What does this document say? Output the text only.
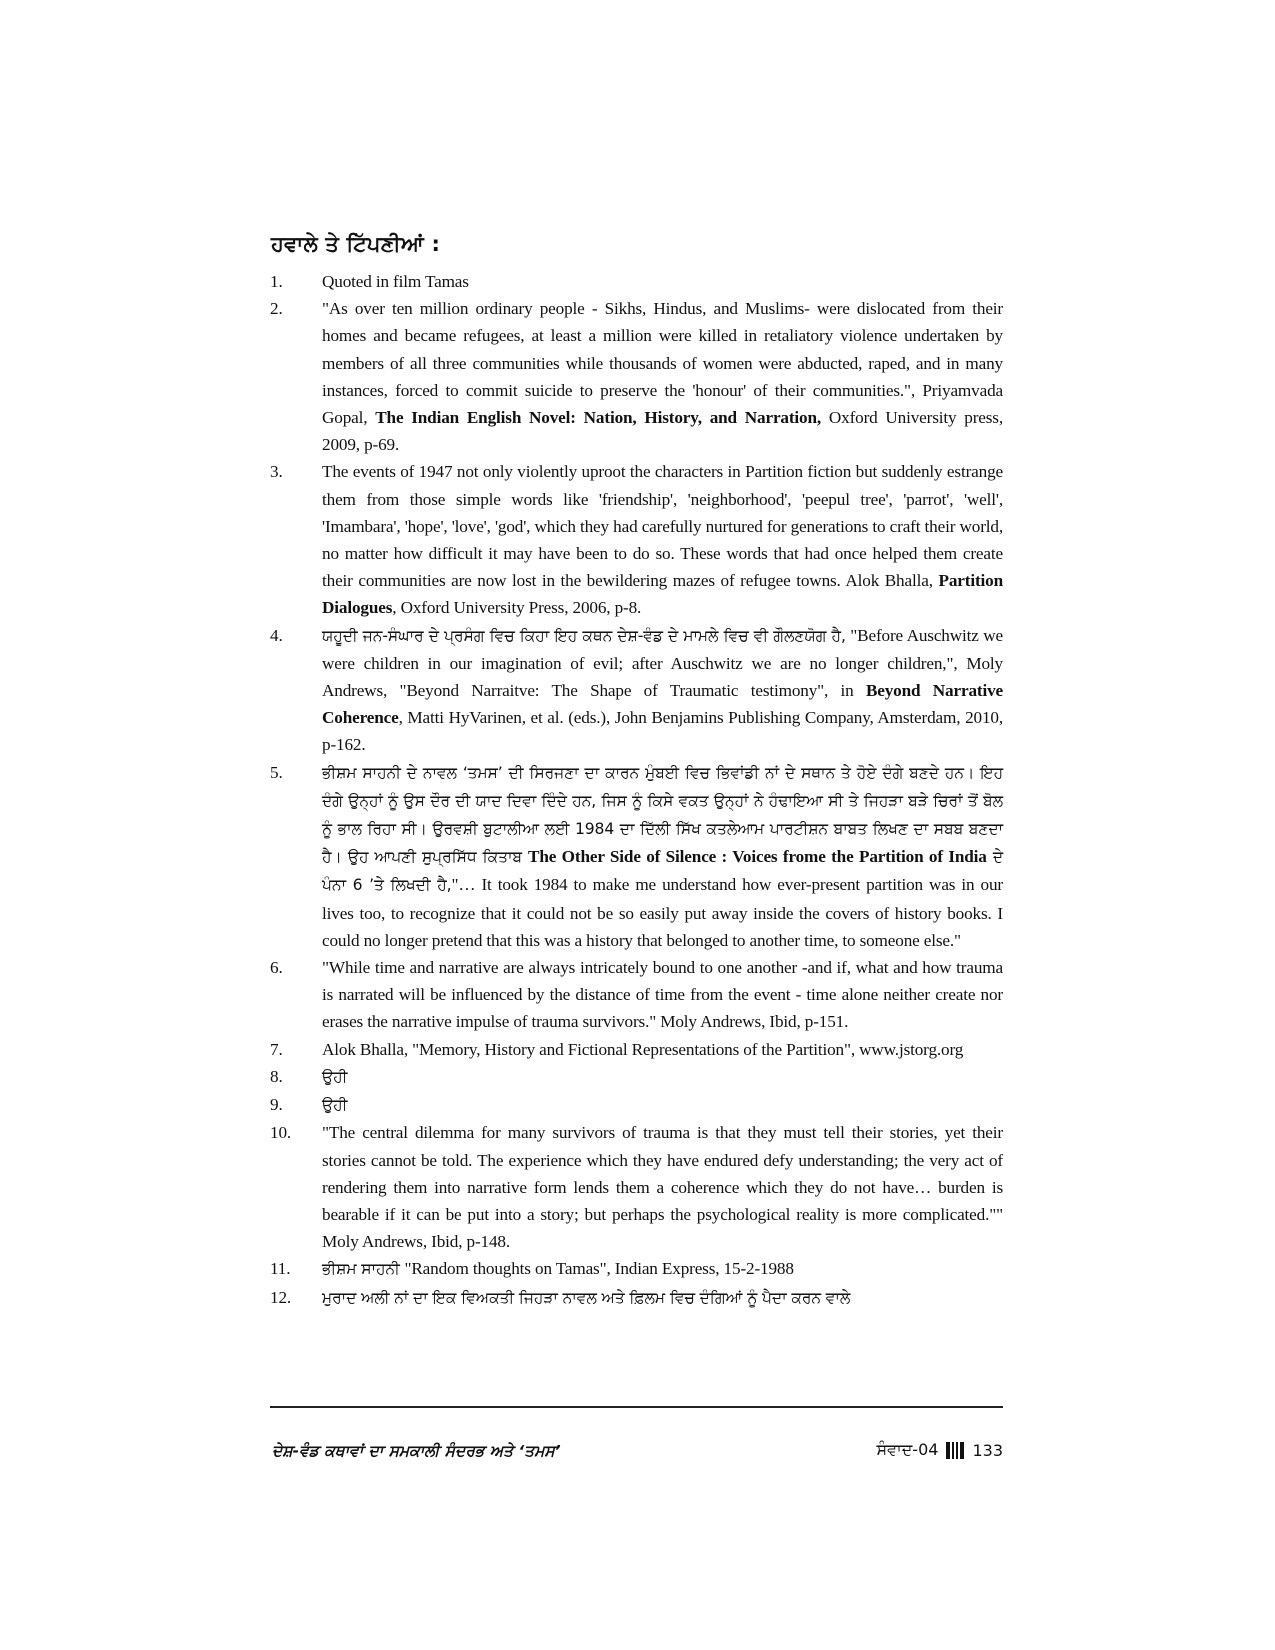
ਹਵਾਲੇ ਤੇ ਟਿੱਪਣੀਆਂ :
1. Quoted in film Tamas
2. "As over ten million ordinary people - Sikhs, Hindus, and Muslims- were dislocated from their homes and became refugees, at least a million were killed in retaliatory violence undertaken by members of all three communities while thousands of women were abducted, raped, and in many instances, forced to commit suicide to preserve the 'honour' of their communities.", Priyamvada Gopal, The Indian English Novel: Nation, History, and Narration, Oxford University press, 2009, p-69.
3. The events of 1947 not only violently uproot the characters in Partition fiction but suddenly estrange them from those simple words like 'friendship', 'neighborhood', 'peepul tree', 'parrot', 'well', 'Imambara', 'hope', 'love', 'god', which they had carefully nurtured for generations to craft their world, no matter how difficult it may have been to do so. These words that had once helped them create their communities are now lost in the bewildering mazes of refugee towns. Alok Bhalla, Partition Dialogues, Oxford University Press, 2006, p-8.
4.	ਯਹੂਦੀ ਜਨ-ਸੰਘਾਰ ਦੇ ਪ੍ਰਸੰਗ ਵਿਚ ਕਿਹਾ ਇਹ ਕਥਨ ਦੇਸ਼-ਵੰਡ ਦੇ ਮਾਮਲੇ ਵਿਚ ਵੀ ਗੌਲਣਯੋਗ ਹੈ, "Before Auschwitz we were children in our imagination of evil; after Auschwitz we are no longer children,", Moly Andrews, "Beyond Narraitve: The Shape of Traumatic testimony", in Beyond Narrative Coherence, Matti HyVarinen, et al. (eds.), John Benjamins Publishing Company, Amsterdam, 2010, p-162.
5.	ਭੀਸ਼ਮ ਸਾਹਨੀ ਦੇ ਨਾਵਲ ‘ਤਮਸ’ ਦੀ ਸਿਰਜਣਾ ਦਾ ਕਾਰਨ ਮੁੰਬਈ ਵਿਚ ਭਿਵਾਂਡੀ ਨਾਂ ਦੇ ਸਥਾਨ ਤੇ ਹੋਏ ਦੰਗੇ ਬਣਦੇ ਹਨ। ਇਹ ਦੰਗੇ ਉਨ੍ਹਾਂ ਨੂੰ ਉਸ ਦੌਰ ਦੀ ਯਾਦ ਦਿਵਾ ਦਿੰਦੇ ਹਨ, ਜਿਸ ਨੂੰ ਕਿਸੇ ਵਕਤ ਉਨ੍ਹਾਂ ਨੇ ਹੰਢਾਇਆ ਸੀ ਤੇ ਜਿਹੜਾ ਬੜੇ ਚਿਰਾਂ ਤੋਂ ਬੋਲ ਨੂੰ ਭਾਲ ਰਿਹਾ ਸੀ। ਉਰਵਸ਼ੀ ਬੁਟਾਲੀਆ ਲਈ 1984 ਦਾ ਦਿੱਲੀ ਸਿੱਖ ਕਤਲੇਆਮ ਪਾਰਟੀਸ਼ਨ ਬਾਬਤ ਲਿਖਣ ਦਾ ਸਬਬ ਬਣਦਾ ਹੈ। ਉਹ ਆਪਣੀ ਸੁਪ੍ਰਸਿੱਧ ਕਿਤਾਬ The Other Side of Silence : Voices frome the Partition of India ਦੇ ਪੰਨਾ 6 ’ਤੇ ਲਿਖਦੀ ਹੈ,"… It took 1984 to make me understand how ever-present partition was in our lives too, to recognize that it could not be so easily put away inside the covers of history books. I could no longer pretend that this was a history that belonged to another time, to someone else."
6. "While time and narrative are always intricately bound to one another -and if, what and how trauma is narrated will be influenced by the distance of time from the event - time alone neither create nor erases the narrative impulse of trauma survivors." Moly Andrews, Ibid, p-151.
7. Alok Bhalla, "Memory, History and Fictional Representations of the Partition", www.jstorg.org
8.	ਉਹੀ
9.	ਉਹੀ
10. "The central dilemma for many survivors of trauma is that they must tell their stories, yet their stories cannot be told. The experience which they have endured defy understanding; the very act of rendering them into narrative form lends them a coherence which they do not have… burden is bearable if it can be put into a story; but perhaps the psychological reality is more complicated."" Moly Andrews, Ibid, p-148.
11. ਭੀਸ਼ਮ ਸਾਹਨੀ "Random thoughts on Tamas", Indian Express, 15-2-1988
12. ਮੁਰਾਦ ਅਲੀ ਨਾਂ ਦਾ ਇਕ ਵਿਅਕਤੀ ਜਿਹੜਾ ਨਾਵਲ ਅਤੇ ਫ਼ਿਲਮ ਵਿਚ ਦੰਗਿਆਂ ਨੂੰ ਪੈਦਾ ਕਰਨ ਵਾਲੇ
ਦੇਸ਼-ਵੰਡ ਕਥਾਵਾਂ ਦਾ ਸਮਕਾਲੀ ਸੰਦਰਭ ਅਤੇ ‘ਤਮਸ’	ਸੰਵਾਦ-04 133
